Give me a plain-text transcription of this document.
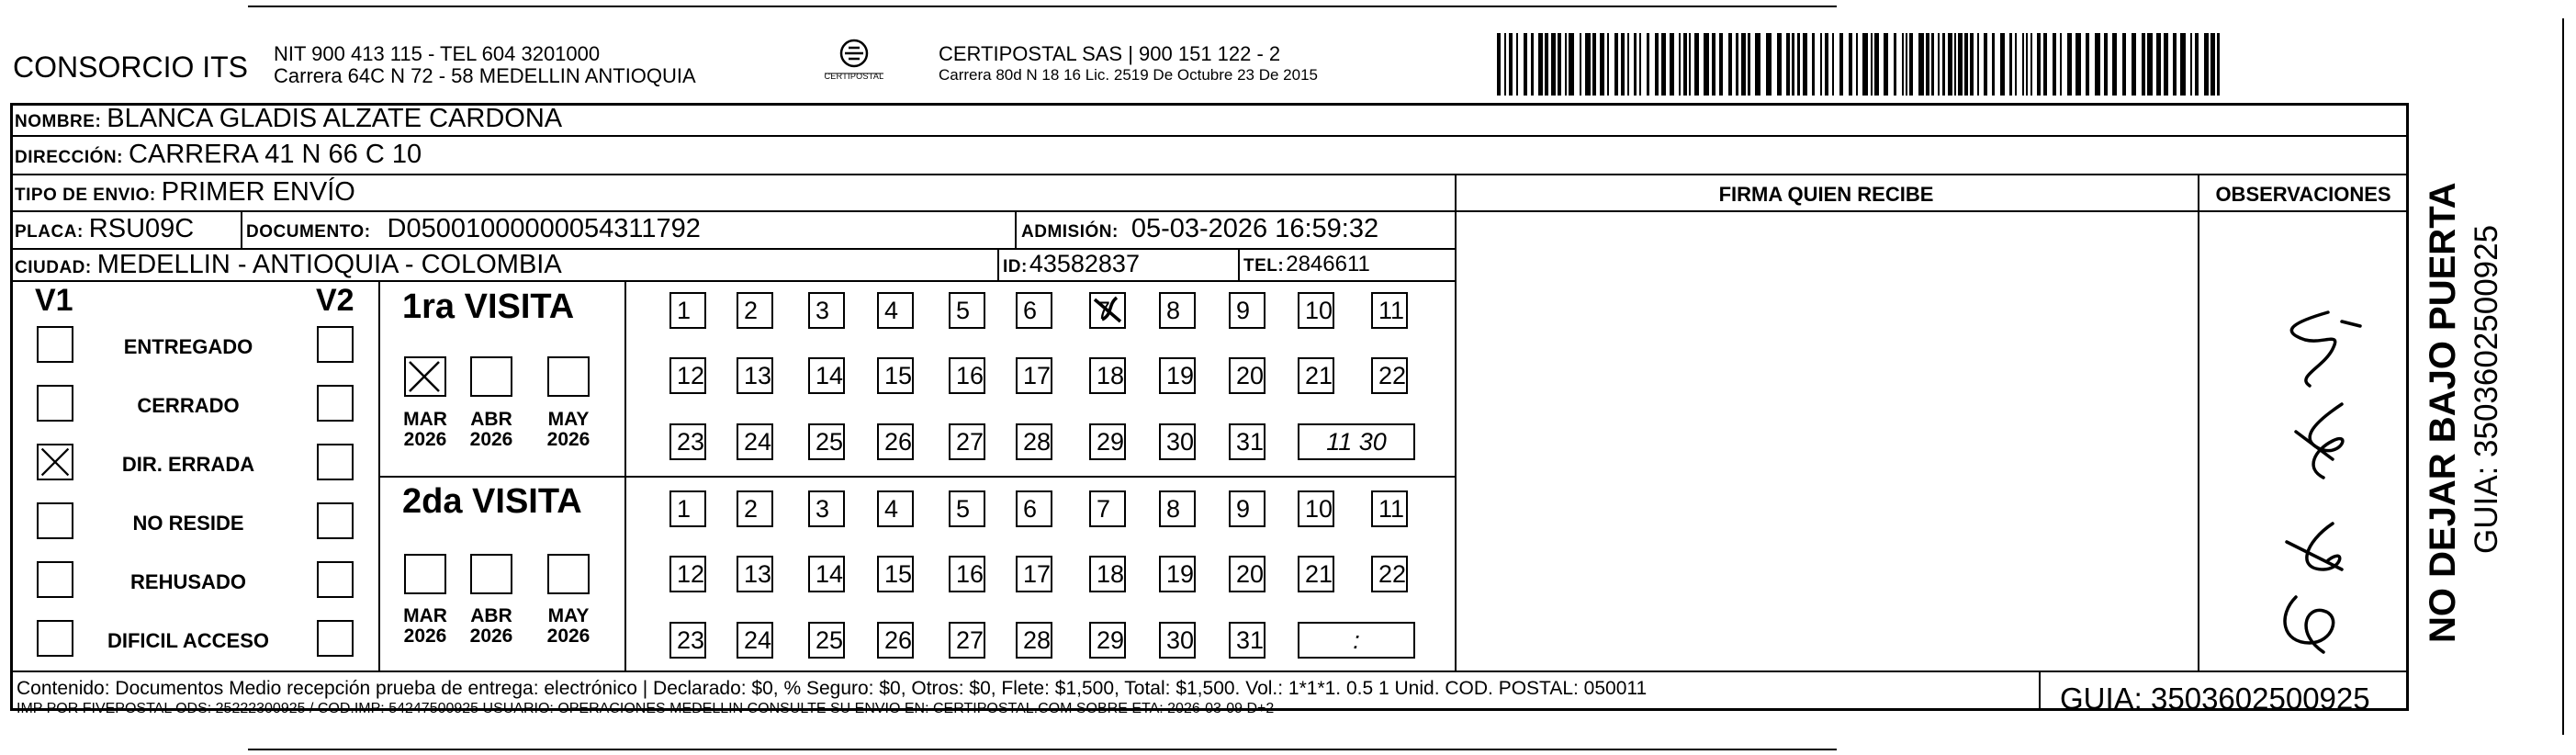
CONSORCIO ITS NIT 900 413 115 - TEL 604 3201000
Carrera 64C N 72 - 58 MEDELLIN ANTIOQUIA	CERTIPOSTAL
CERTIPOSTAL SAS | 900 151 122 - 2
Carrera 80d N 18 16 Lic. 2519 De Octubre 23 De 2015
NOMBRE: BLANCA GLADIS ALZATE CARDONA
DIRECCIÓN: CARRERA 41 N 66 C 10
TIPO DE ENVIO: PRIMER ENVÍO	FIRMA QUIEN RECIBE	OBSERVACIONES
PLACA: RSU09C	DOCUMENTO: D05001000000054311792	ADMISIÓN: 05-03-2026 16:59:32
CIUDAD: MEDELLIN - ANTIOQUIA - COLOMBIA	ID: 43582837	TEL: 2846611
V1	V2
ENTREGADO
CERRADO
DIR. ERRADA
NO RESIDE
REHUSADO
DIFICIL ACCESO
1ra VISITA
MAR
2026
ABR
2026
MAY
2026
1	2	3	4	5	6	7	8	9	10 11
12 13 14 15 16 17 18 19 20 21 22
23 24 25 26 27 28 29 30 31	11 30
2da VISITA
MAR
2026
ABR
2026
MAY
2026
1	2	3	4	5	6	7	8	9	10 11
12 13 14 15 16 17 18 19 20 21 22
23 24 25 26 27 28 29 30 31	:
Contenido: Documentos Medio recepción prueba de entrega: electrónico | Declarado: $0, % Seguro: $0, Otros: $0, Flete: $1,500, Total: $1,500. Vol.: 1*1*1. 0.5 1 Unid. COD. POSTAL: 050011
IMP POR FIVEPOSTAL ODS: 25222300925 / COD.IMP: 54247500925 USUARIO: OPERACIONES MEDELLIN CONSULTE SU ENVIO EN: CERTIPOSTAL.COM SOBRE ETA: 2026-03-09 D+2	GUIA: 3503602500925
NO DEJAR BAJO PUERTA GUIA: 3503602500925
